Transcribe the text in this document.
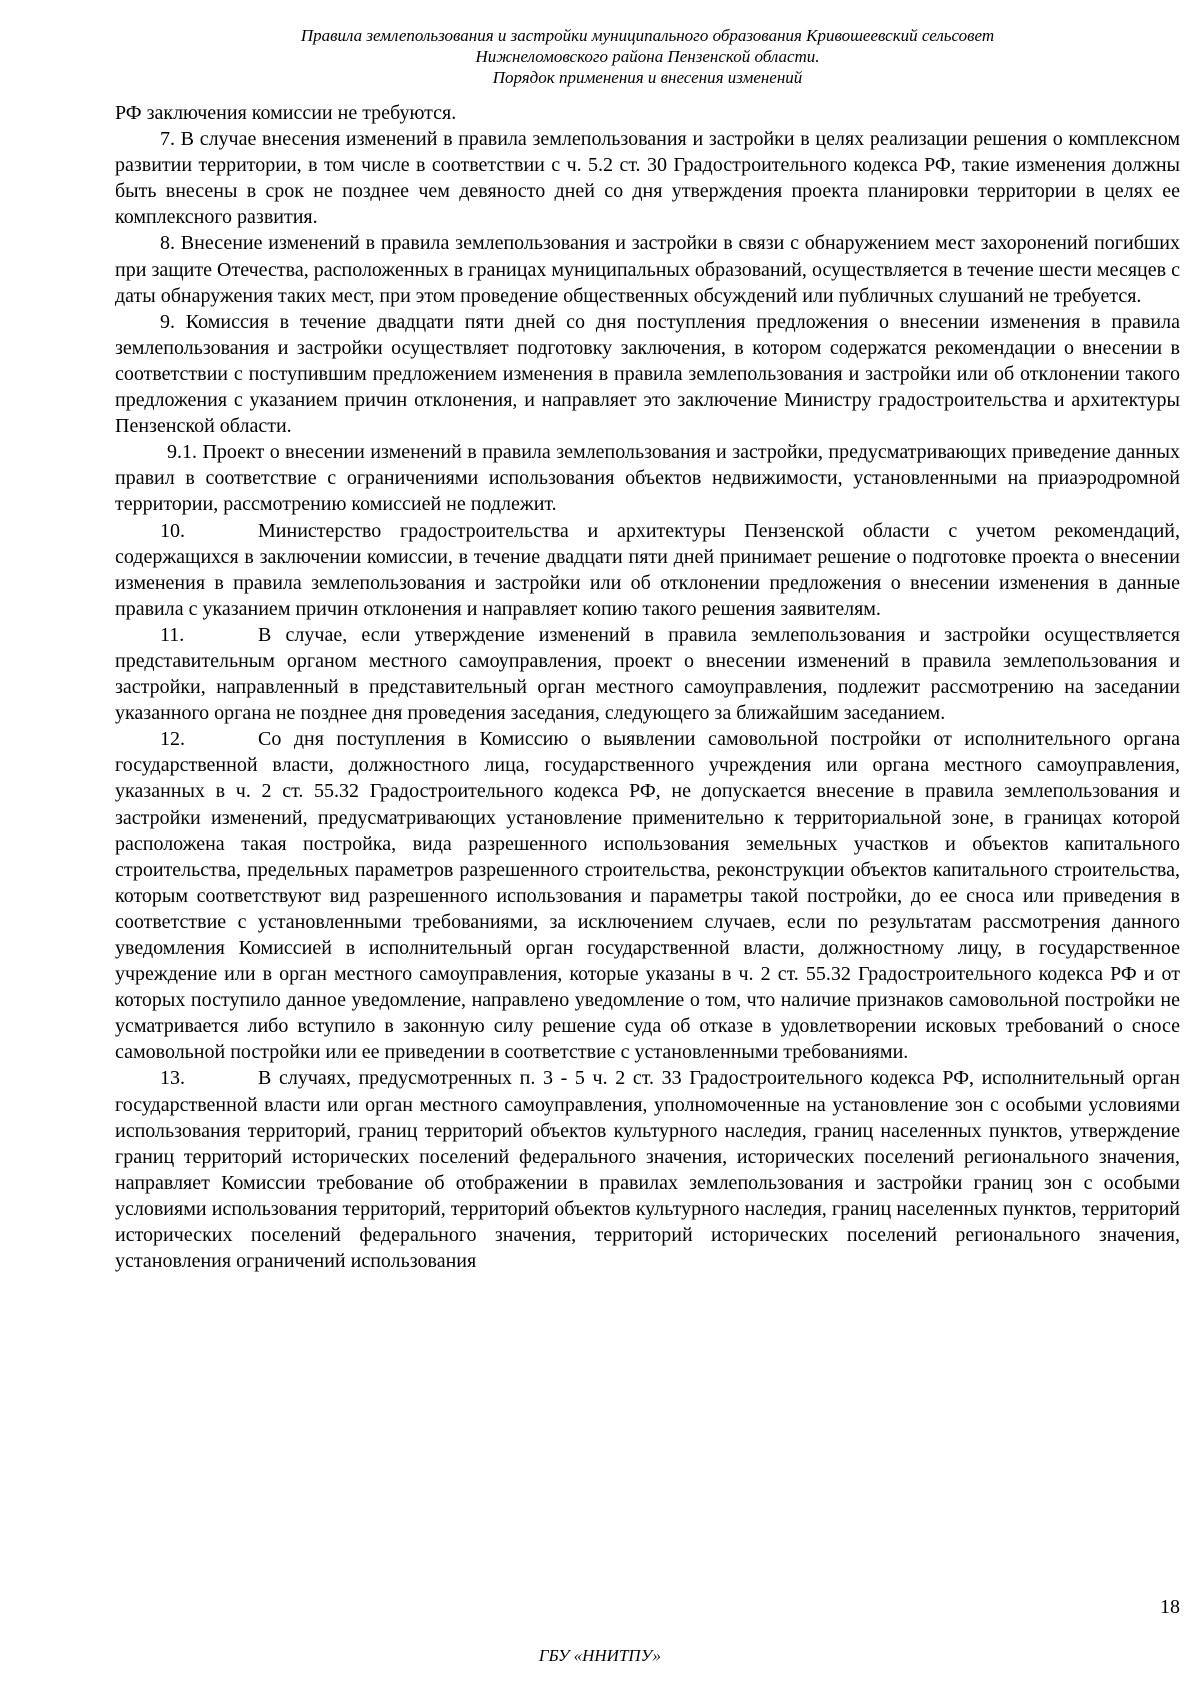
Правила землепользования и застройки муниципального образования Кривошеевский сельсовет
Нижнеломовского района Пензенской области.
Порядок применения и внесения изменений

РФ заключения комиссии не требуются.

7. В случае внесения изменений в правила землепользования и застройки в целях реализации решения о комплексном развитии территории, в том числе в соответствии с ч. 5.2 ст. 30 Градостроительного кодекса РФ, такие изменения должны быть внесены в срок не позднее чем девяносто дней со дня утверждения проекта планировки территории в целях ее комплексного развития.

8. Внесение изменений в правила землепользования и застройки в связи с обнаружением мест захоронений погибших при защите Отечества, расположенных в границах муниципальных образований, осуществляется в течение шести месяцев с даты обнаружения таких мест, при этом проведение общественных обсуждений или публичных слушаний не требуется.

9. Комиссия в течение двадцати пяти дней со дня поступления предложения о внесении изменения в правила землепользования и застройки осуществляет подготовку заключения, в котором содержатся рекомендации о внесении в соответствии с поступившим предложением изменения в правила землепользования и застройки или об отклонении такого предложения с указанием причин отклонения, и направляет это заключение Министру градостроительства и архитектуры Пензенской области.

9.1. Проект о внесении изменений в правила землепользования и застройки, предусматривающих приведение данных правил в соответствие с ограничениями использования объектов недвижимости, установленными на приаэродромной территории, рассмотрению комиссией не подлежит.

10.	Министерство градостроительства и архитектуры Пензенской области с учетом рекомендаций, содержащихся в заключении комиссии, в течение двадцати пяти дней принимает решение о подготовке проекта о внесении изменения в правила землепользования и застройки или об отклонении предложения о внесении изменения в данные правила с указанием причин отклонения и направляет копию такого решения заявителям.

11.	В случае, если утверждение изменений в правила землепользования и застройки осуществляется представительным органом местного самоуправления, проект о внесении изменений в правила землепользования и застройки, направленный в представительный орган местного самоуправления, подлежит рассмотрению на заседании указанного органа не позднее дня проведения заседания, следующего за ближайшим заседанием.

12.	Со дня поступления в Комиссию о выявлении самовольной постройки от исполнительного органа государственной власти, должностного лица, государственного учреждения или органа местного самоуправления, указанных в ч. 2 ст. 55.32 Градостроительного кодекса РФ, не допускается внесение в правила землепользования и застройки изменений, предусматривающих установление применительно к территориальной зоне, в границах которой расположена такая постройка, вида разрешенного использования земельных участков и объектов капитального строительства, предельных параметров разрешенного строительства, реконструкции объектов капитального строительства, которым соответствуют вид разрешенного использования и параметры такой постройки, до ее сноса или приведения в соответствие с установленными требованиями, за исключением случаев, если по результатам рассмотрения данного уведомления Комиссией в исполнительный орган государственной власти, должностному лицу, в государственное учреждение или в орган местного самоуправления, которые указаны в ч. 2 ст. 55.32 Градостроительного кодекса РФ и от которых поступило данное уведомление, направлено уведомление о том, что наличие признаков самовольной постройки не усматривается либо вступило в законную силу решение суда об отказе в удовлетворении исковых требований о сносе самовольной постройки или ее приведении в соответствие с установленными требованиями.

13.	В случаях, предусмотренных п. 3 - 5 ч. 2 ст. 33 Градостроительного кодекса РФ, исполнительный орган государственной власти или орган местного самоуправления, уполномоченные на установление зон с особыми условиями использования территорий, границ территорий объектов культурного наследия, границ населенных пунктов, утверждение границ территорий исторических поселений федерального значения, исторических поселений регионального значения, направляет Комиссии требование об отображении в правилах землепользования и застройки границ зон с особыми условиями использования территорий, территорий объектов культурного наследия, границ населенных пунктов, территорий исторических поселений федерального значения, территорий исторических поселений регионального значения, установления ограничений использования

18
ГБУ «ННИТПУ»
